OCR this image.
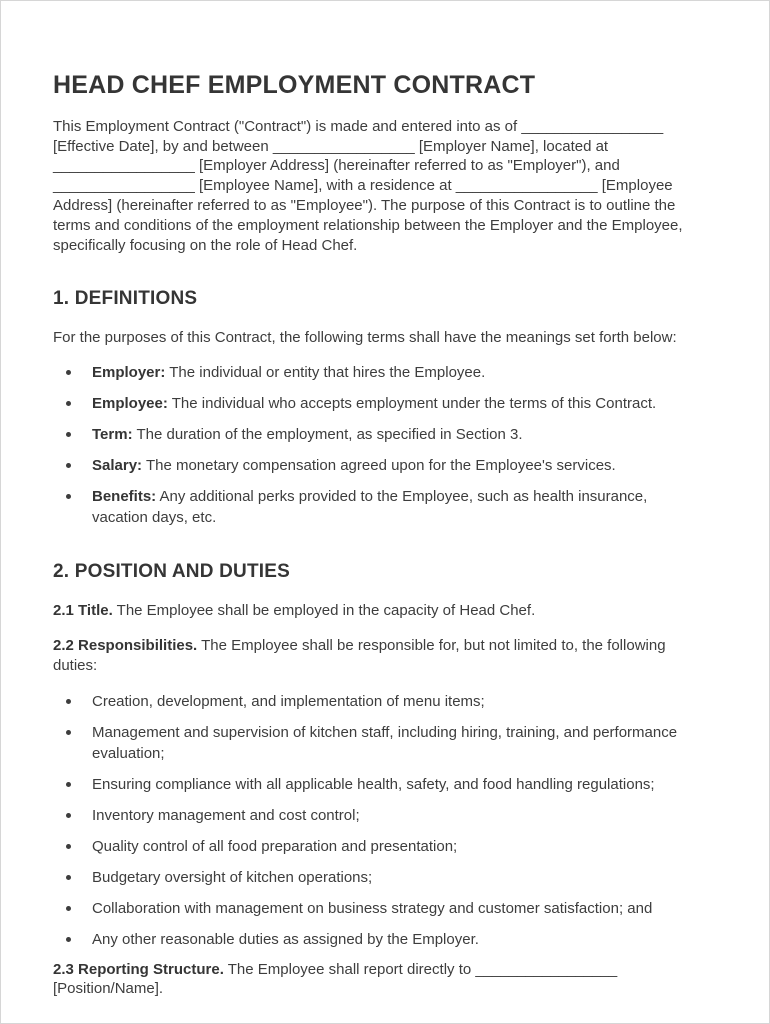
HEAD CHEF EMPLOYMENT CONTRACT

This Employment Contract ("Contract") is made and entered into as of _________________ [Effective Date], by and between _________________ [Employer Name], located at _________________ [Employer Address] (hereinafter referred to as "Employer"), and _________________ [Employee Name], with a residence at _________________ [Employee Address] (hereinafter referred to as "Employee"). The purpose of this Contract is to outline the terms and conditions of the employment relationship between the Employer and the Employee, specifically focusing on the role of Head Chef.

1. DEFINITIONS

For the purposes of this Contract, the following terms shall have the meanings set forth below:

Employer: The individual or entity that hires the Employee.
Employee: The individual who accepts employment under the terms of this Contract.
Term: The duration of the employment, as specified in Section 3.
Salary: The monetary compensation agreed upon for the Employee's services.
Benefits: Any additional perks provided to the Employee, such as health insurance, vacation days, etc.
2. POSITION AND DUTIES

2.1 Title. The Employee shall be employed in the capacity of Head Chef.

2.2 Responsibilities. The Employee shall be responsible for, but not limited to, the following duties:

Creation, development, and implementation of menu items;
Management and supervision of kitchen staff, including hiring, training, and performance evaluation;
Ensuring compliance with all applicable health, safety, and food handling regulations;
Inventory management and cost control;
Quality control of all food preparation and presentation;
Budgetary oversight of kitchen operations;
Collaboration with management on business strategy and customer satisfaction; and
Any other reasonable duties as assigned by the Employer.

2.3 Reporting Structure. The Employee shall report directly to _________________ [Position/Name].
